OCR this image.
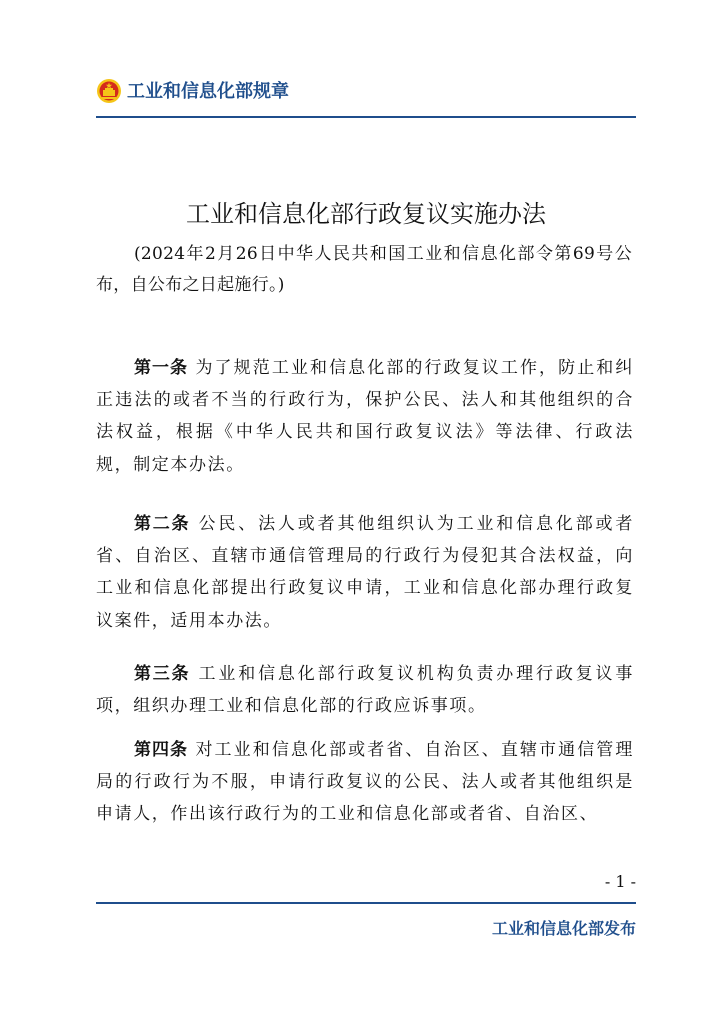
工业和信息化部规章
工业和信息化部行政复议实施办法
(2024年2月26日中华人民共和国工业和信息化部令第69号公布，自公布之日起施行。)

第一条 为了规范工业和信息化部的行政复议工作，防止和纠正违法的或者不当的行政行为，保护公民、法人和其他组织的合法权益，根据《中华人民共和国行政复议法》等法律、行政法规，制定本办法。

第二条 公民、法人或者其他组织认为工业和信息化部或者省、自治区、直辖市通信管理局的行政行为侵犯其合法权益，向工业和信息化部提出行政复议申请，工业和信息化部办理行政复议案件，适用本办法。

第三条 工业和信息化部行政复议机构负责办理行政复议事项，组织办理工业和信息化部的行政应诉事项。

第四条 对工业和信息化部或者省、自治区、直辖市通信管理局的行政行为不服，申请行政复议的公民、法人或者其他组织是申请人，作出该行政行为的工业和信息化部或者省、自治区、

- 1 -
工业和信息化部发布
